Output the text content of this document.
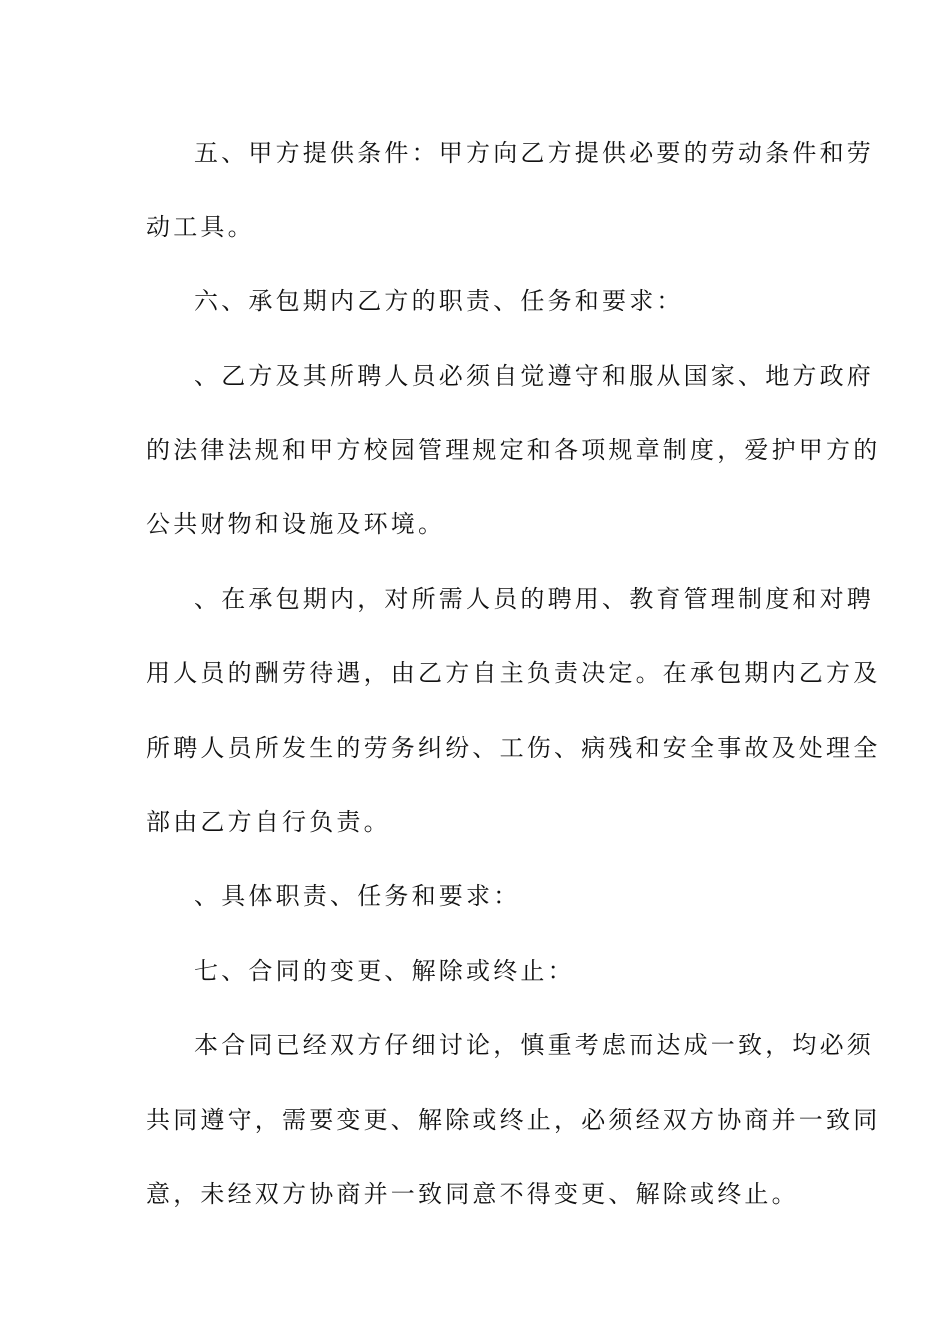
五、甲方提供条件：甲方向乙方提供必要的劳动条件和劳
动工具。
六、承包期内乙方的职责、任务和要求：
、乙方及其所聘人员必须自觉遵守和服从国家、地方政府
的法律法规和甲方校园管理规定和各项规章制度，爱护甲方的
公共财物和设施及环境。
、在承包期内，对所需人员的聘用、教育管理制度和对聘
用人员的酬劳待遇，由乙方自主负责决定。在承包期内乙方及
所聘人员所发生的劳务纠纷、工伤、病残和安全事故及处理全
部由乙方自行负责。
、具体职责、任务和要求：
七、合同的变更、解除或终止：
本合同已经双方仔细讨论，慎重考虑而达成一致，均必须
共同遵守，需要变更、解除或终止，必须经双方协商并一致同
意，未经双方协商并一致同意不得变更、解除或终止。
